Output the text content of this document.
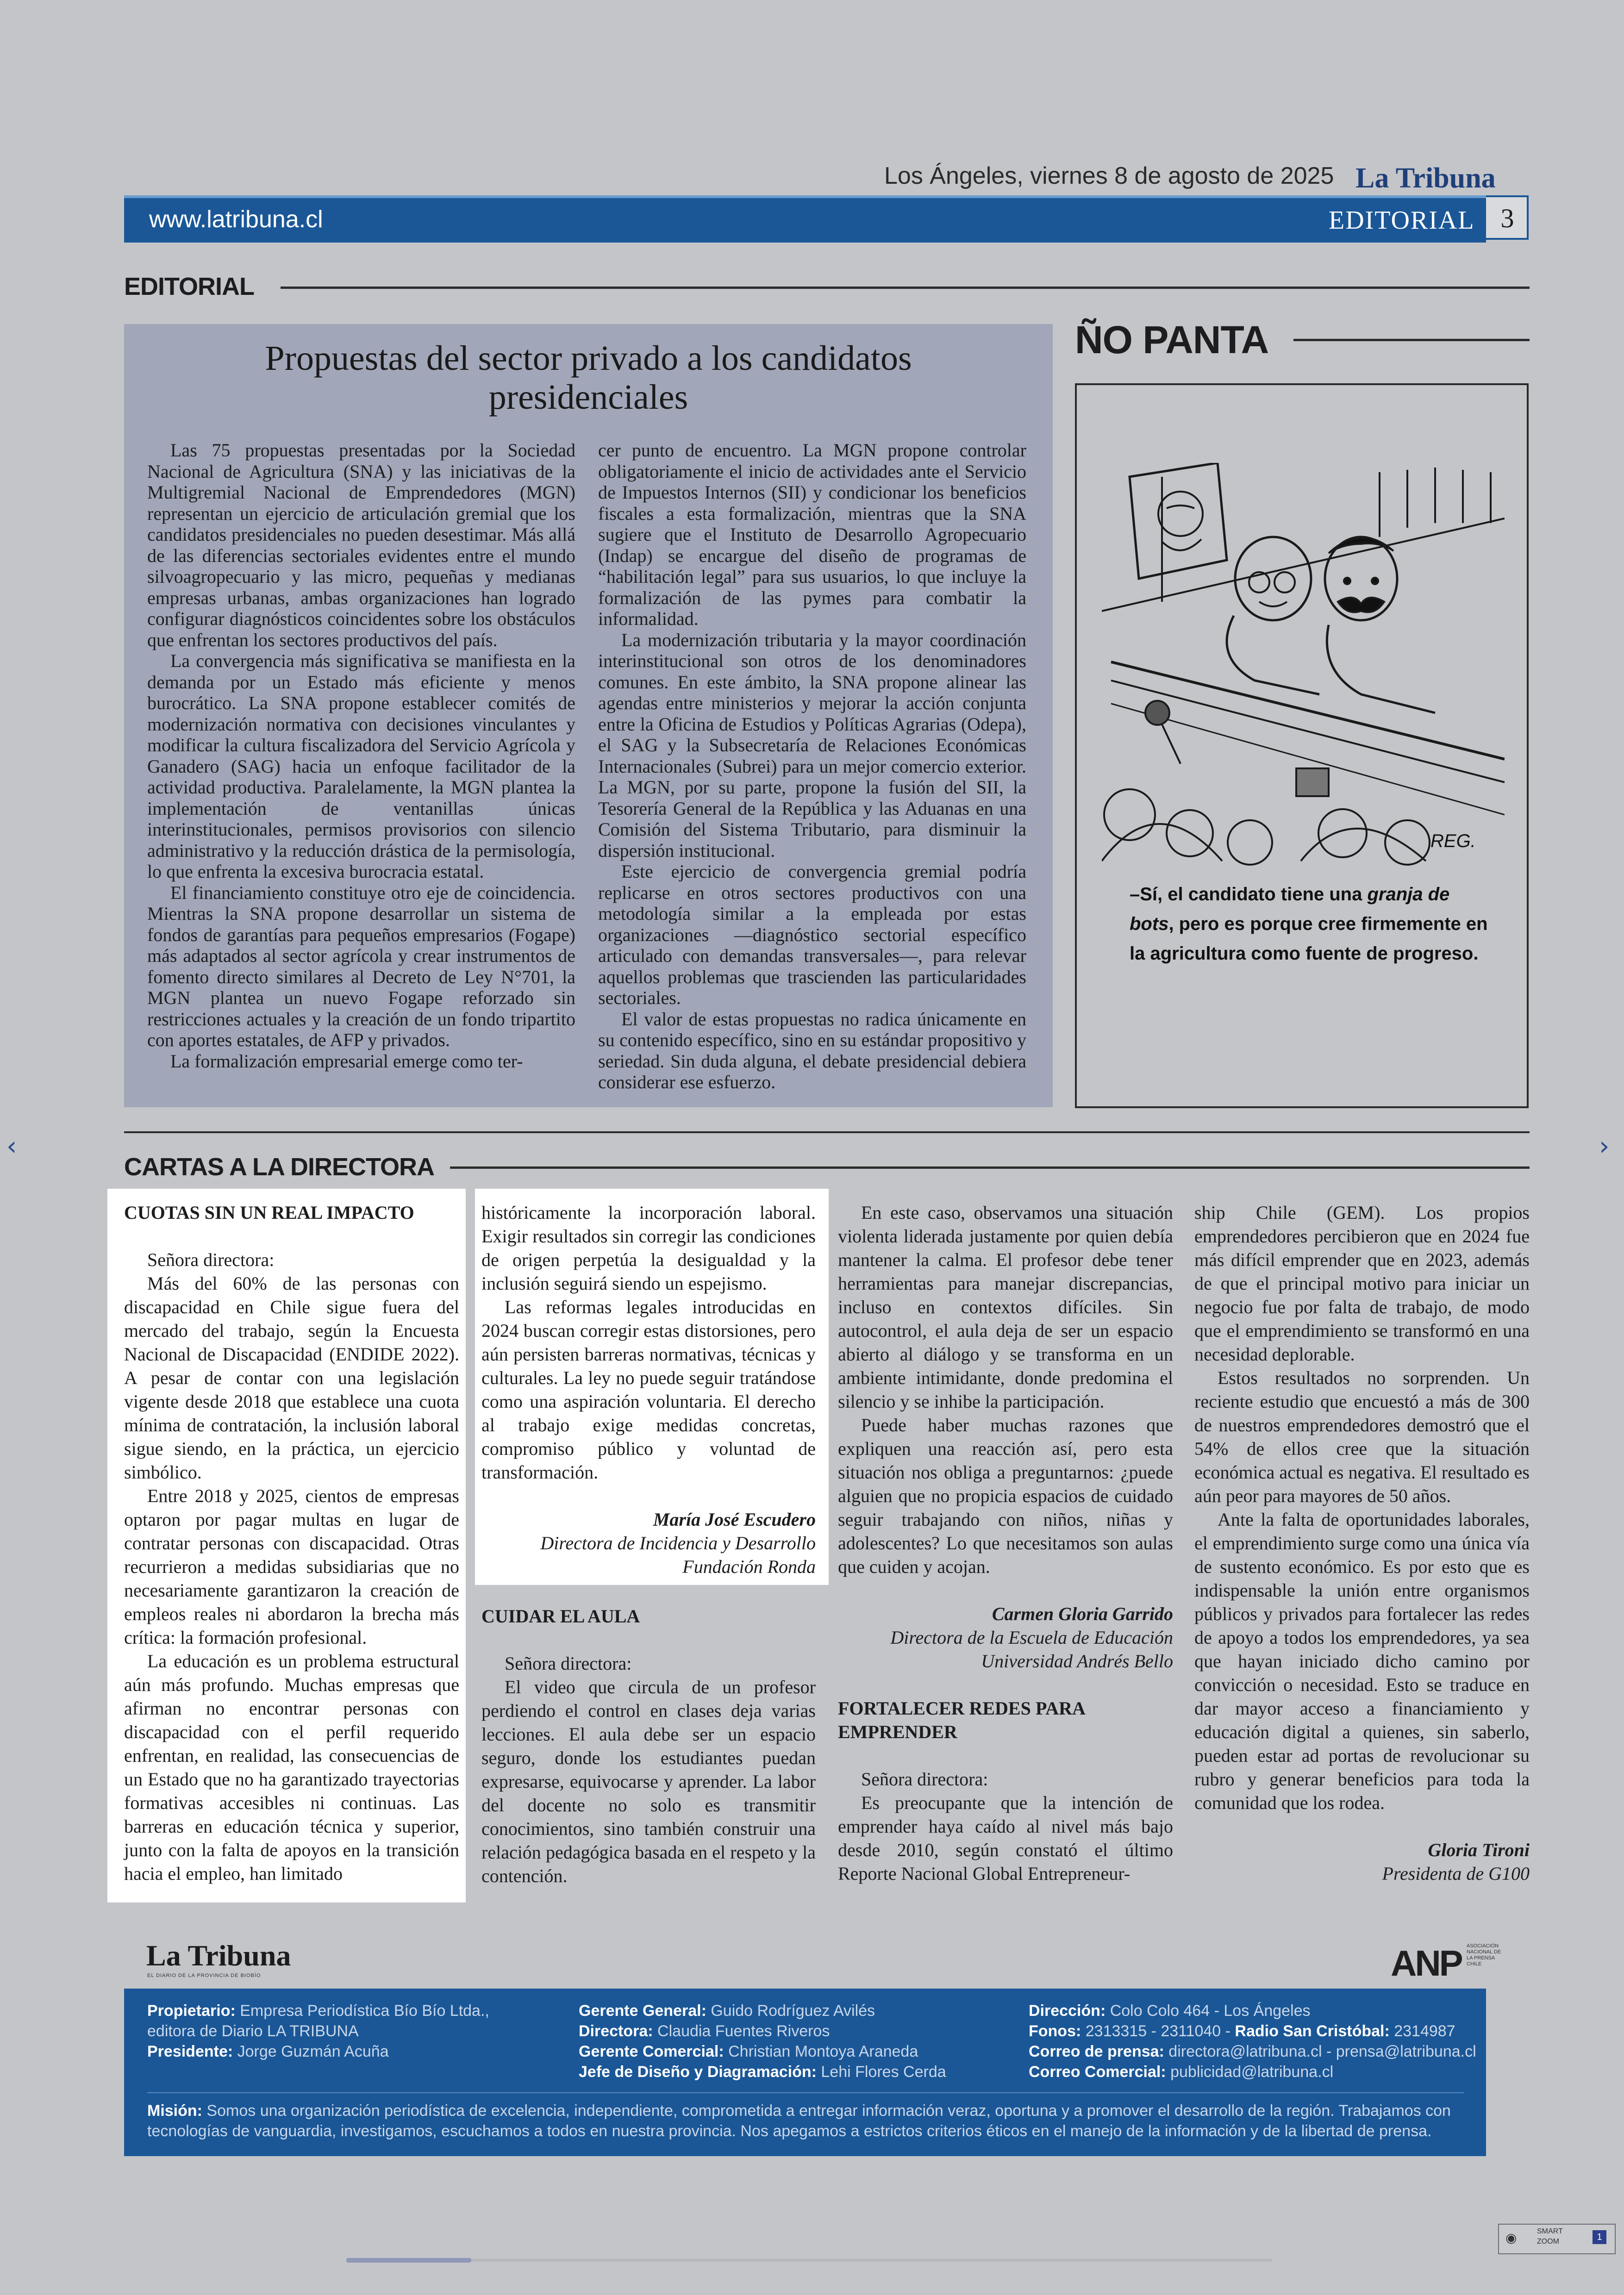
Los Ángeles, viernes 8 de agosto de 2025 La Tribuna
www.latribuna.cl	EDITORIAL 3
EDITORIAL
Propuestas del sector privado a los candidatos presidenciales

Las 75 propuestas presentadas por la Sociedad Nacional de Agricultura (SNA) y las iniciativas de la Multigremial Nacional de Emprendedores (MGN) representan un ejercicio de articulación gremial que los candidatos presidenciales no pueden desestimar. Más allá de las diferencias sectoriales evidentes entre el mundo silvoagropecuario y las micro, pequeñas y medianas empresas urbanas, ambas organizaciones han logrado configurar diagnósticos coincidentes sobre los obstáculos que enfrentan los sectores productivos del país.

La convergencia más significativa se manifiesta en la demanda por un Estado más eficiente y menos burocrático. La SNA propone establecer comités de modernización normativa con decisiones vinculantes y modificar la cultura fiscalizadora del Servicio Agrícola y Ganadero (SAG) hacia un enfoque facilitador de la actividad productiva. Paralelamente, la MGN plantea la implementación de ventanillas únicas interinstitucionales, permisos provisorios con silencio administrativo y la reducción drástica de la permisología, lo que enfrenta la excesiva burocracia estatal.

El financiamiento constituye otro eje de coincidencia. Mientras la SNA propone desarrollar un sistema de fondos de garantías para pequeños empresarios (Fogape) más adaptados al sector agrícola y crear instrumentos de fomento directo similares al Decreto de Ley N°701, la MGN plantea un nuevo Fogape reforzado sin restricciones actuales y la creación de un fondo tripartito con aportes estatales, de AFP y privados.

La formalización empresarial emerge como ter-

cer punto de encuentro. La MGN propone controlar obligatoriamente el inicio de actividades ante el Servicio de Impuestos Internos (SII) y condicionar los beneficios fiscales a esta formalización, mientras que la SNA sugiere que el Instituto de Desarrollo Agropecuario (Indap) se encargue del diseño de programas de “habilitación legal” para sus usuarios, lo que incluye la formalización de las pymes para combatir la informalidad.

La modernización tributaria y la mayor coordinación interinstitucional son otros de los denominadores comunes. En este ámbito, la SNA propone alinear las agendas entre ministerios y mejorar la acción conjunta entre la Oficina de Estudios y Políticas Agrarias (Odepa), el SAG y la Subsecretaría de Relaciones Económicas Internacionales (Subrei) para un mejor comercio exterior. La MGN, por su parte, propone la fusión del SII, la Tesorería General de la República y las Aduanas en una Comisión del Sistema Tributario, para disminuir la dispersión institucional.

Este ejercicio de convergencia gremial podría replicarse en otros sectores productivos con una metodología similar a la empleada por estas organizaciones —diagnóstico sectorial específico articulado con demandas transversales—, para relevar aquellos problemas que trascienden las particularidades sectoriales.

El valor de estas propuestas no radica únicamente en su contenido específico, sino en su estándar propositivo y seriedad. Sin duda alguna, el debate presidencial debiera considerar ese esfuerzo.

ÑO PANTA
REG.
–Sí, el candidato tiene una granja de bots, pero es porque cree firmemente en la agricultura como fuente de progreso.
CARTAS A LA DIRECTORA
CUOTAS SIN UN REAL IMPACTO

Señora directora:

Más del 60% de las personas con discapacidad en Chile sigue fuera del mercado del trabajo, según la Encuesta Nacional de Discapacidad (ENDIDE 2022). A pesar de contar con una legislación vigente desde 2018 que establece una cuota mínima de contratación, la inclusión laboral sigue siendo, en la práctica, un ejercicio simbólico.

Entre 2018 y 2025, cientos de empresas optaron por pagar multas en lugar de contratar personas con discapacidad. Otras recurrieron a medidas subsidiarias que no necesariamente garantizaron la creación de empleos reales ni abordaron la brecha más crítica: la formación profesional.

La educación es un problema estructural aún más profundo. Muchas empresas que afirman no encontrar personas con discapacidad con el perfil requerido enfrentan, en realidad, las consecuencias de un Estado que no ha garantizado trayectorias formativas accesibles ni continuas. Las barreras en educación técnica y superior, junto con la falta de apoyos en la transición hacia el empleo, han limitado

históricamente la incorporación laboral. Exigir resultados sin corregir las condiciones de origen perpetúa la desigualdad y la inclusión seguirá siendo un espejismo.

Las reformas legales introducidas en 2024 buscan corregir estas distorsiones, pero aún persisten barreras normativas, técnicas y culturales. La ley no puede seguir tratándose como una aspiración voluntaria. El derecho al trabajo exige medidas concretas, compromiso público y voluntad de transformación.

María José Escudero
Directora de Incidencia y Desarrollo
Fundación Ronda
CUIDAR EL AULA

Señora directora:

El video que circula de un profesor perdiendo el control en clases deja varias lecciones. El aula debe ser un espacio seguro, donde los estudiantes puedan expresarse, equivocarse y aprender. La labor del docente no solo es transmitir conocimientos, sino también construir una relación pedagógica basada en el respeto y la contención.

En este caso, observamos una situación violenta liderada justamente por quien debía mantener la calma. El profesor debe tener herramientas para manejar discrepancias, incluso en contextos difíciles. Sin autocontrol, el aula deja de ser un espacio abierto al diálogo y se transforma en un ambiente intimidante, donde predomina el silencio y se inhibe la participación.

Puede haber muchas razones que expliquen una reacción así, pero esta situación nos obliga a preguntarnos: ¿puede alguien que no propicia espacios de cuidado seguir trabajando con niños, niñas y adolescentes? Lo que necesitamos son aulas que cuiden y acojan.

Carmen Gloria Garrido
Directora de la Escuela de Educación
Universidad Andrés Bello
FORTALECER REDES PARA
EMPRENDER

Señora directora:

Es preocupante que la intención de emprender haya caído al nivel más bajo desde 2010, según constató el último Reporte Nacional Global Entrepreneur-

ship Chile (GEM). Los propios emprendedores percibieron que en 2024 fue más difícil emprender que en 2023, además de que el principal motivo para iniciar un negocio fue por falta de trabajo, de modo que el emprendimiento se transformó en una necesidad deplorable.

Estos resultados no sorprenden. Un reciente estudio que encuestó a más de 300 de nuestros emprendedores demostró que el 54% de ellos cree que la situación económica actual es negativa. El resultado es aún peor para mayores de 50 años.

Ante la falta de oportunidades laborales, el emprendimiento surge como una única vía de sustento económico. Es por esto que es indispensable la unión entre organismos públicos y privados para fortalecer las redes de apoyo a todos los emprendedores, ya sea que hayan iniciado dicho camino por convicción o necesidad. Esto se traduce en dar mayor acceso a financiamiento y educación digital a quienes, sin saberlo, pueden estar ad portas de revolucionar su rubro y generar beneficios para toda la comunidad que los rodea.

Gloria Tironi
Presidenta de G100
La Tribuna
EL DIARIO DE LA PROVINCIA DE BIOBÍO	ANP ASOCIACIÓN NACIONAL DE LA PRENSA CHILE
Propietario: Empresa Periodística Bío Bío Ltda.,
editora de Diario LA TRIBUNA
Presidente: Jorge Guzmán Acuña
Gerente General: Guido Rodríguez Avilés
Directora: Claudia Fuentes Riveros
Gerente Comercial: Christian Montoya Araneda
Jefe de Diseño y Diagramación: Lehi Flores Cerda
Dirección: Colo Colo 464 - Los Ángeles
Fonos: 2313315 - 2311040 - Radio San Cristóbal: 2314987
Correo de prensa: directora@latribuna.cl - prensa@latribuna.cl
Correo Comercial: publicidad@latribuna.cl
Misión: Somos una organización periodística de excelencia, independiente, comprometida a entregar información veraz, oportuna y a promover el desarrollo de la región. Trabajamos con tecnologías de vanguardia, investigamos, escuchamos a todos en nuestra provincia. Nos apegamos a estrictos criterios éticos en el manejo de la información y de la libertad de prensa.
‹	›
◉	SMART ZOOM	1
